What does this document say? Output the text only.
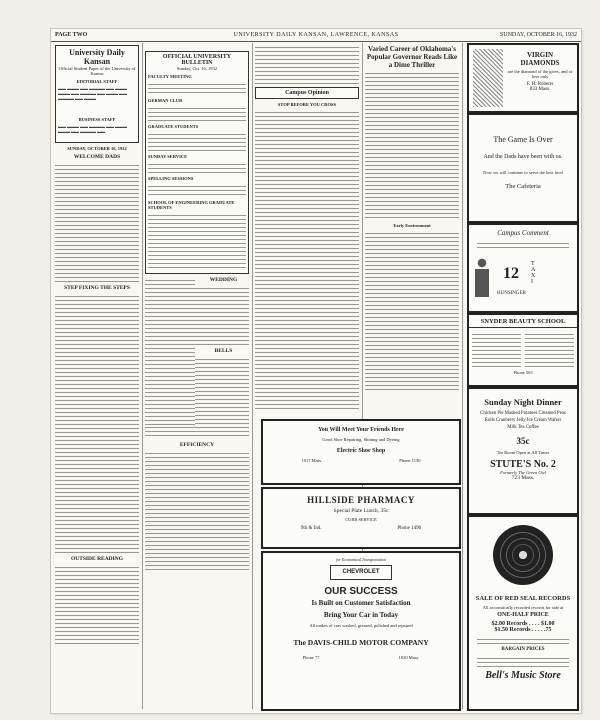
PAGE TWO	UNIVERSITY DAILY KANSAN, LAWRENCE, KANSAS	SUNDAY, OCTOBER 16, 1932
University Daily Kansan
Official Student Paper of the University of Kansas
EDITORIAL STAFF
▬▬ ▬▬▬ ▬▬ ▬▬▬▬ ▬▬ ▬▬▬ ▬▬▬ ▬▬ ▬▬▬▬ ▬▬ ▬▬▬ ▬▬ ▬▬▬▬ ▬▬ ▬▬▬
BUSINESS STAFF
▬▬ ▬▬▬ ▬▬ ▬▬▬▬ ▬▬ ▬▬▬ ▬▬▬ ▬▬ ▬▬▬▬ ▬▬
SUNDAY, OCTOBER 16, 1932
WELCOME DADS
STEP FIXING THE STEPS
OUTSIDE READING
OFFICIAL UNIVERSITY BULLETIN
Sunday, Oct. 16, 1932
FACULTY MEETING
GERMAN CLUB
GRADUATE STUDENTS
SUNDAY SERVICE
SPELLING SESSIONS
SCHOOL OF ENGINEERING GRADUATE STUDENTS
WEDDING
BELLS
EFFICIENCY
Campus Opinion
STOP BEFORE YOU CROSS
You Will Meet Your Friends Here
Good Shoe Repairing, Shining and Dyeing
Electric Shoe Shop
1017 Mass.	Phone 1130
HILLSIDE PHARMACY
Special Plate Lunch, 35c
CURB SERVICE
9th & Ind.	Phone 1490
for Economical Transportation
CHEVROLET
OUR SUCCESS
Is Built on Customer Satisfaction
Bring Your Car in Today
All makes of cars washed, greased, polished and repaired
The DAVIS-CHILD MOTOR COMPANY
Phone 77	1020 Mass.
Varied Career of Oklahoma's Popular Governor Reads Like a Dime Thriller
Early Environment
VIRGIN
DIAMONDS
are the diamond of the gives, and of love only
F. H. Roberts
833 Mass.
The Game Is Over
And the Dads have been with us.
Now we will continue to serve the best food
The Cafeteria
Campus Comment
12
TAXI
HUNSINGER
SNYDER BEAUTY SCHOOL
Phone 563
Sunday Night Dinner
Chicken Pie Mashed Potatoes Creamed Peas
Rolls Cranberry Jelly Ice Cream Wafers
Milk Tea Coffee
35c
Tea Room Open at All Times
STUTE'S No. 2
Formerly The Green Owl
723 Mass.
SALE OF RED SEAL RECORDS
All accoustically recorded records for sale at
ONE-HALF PRICE
$2.00 Records . . . . $1.00
$1.50 Records . . . . .75
BARGAIN PRICES
Bell's Music Store
